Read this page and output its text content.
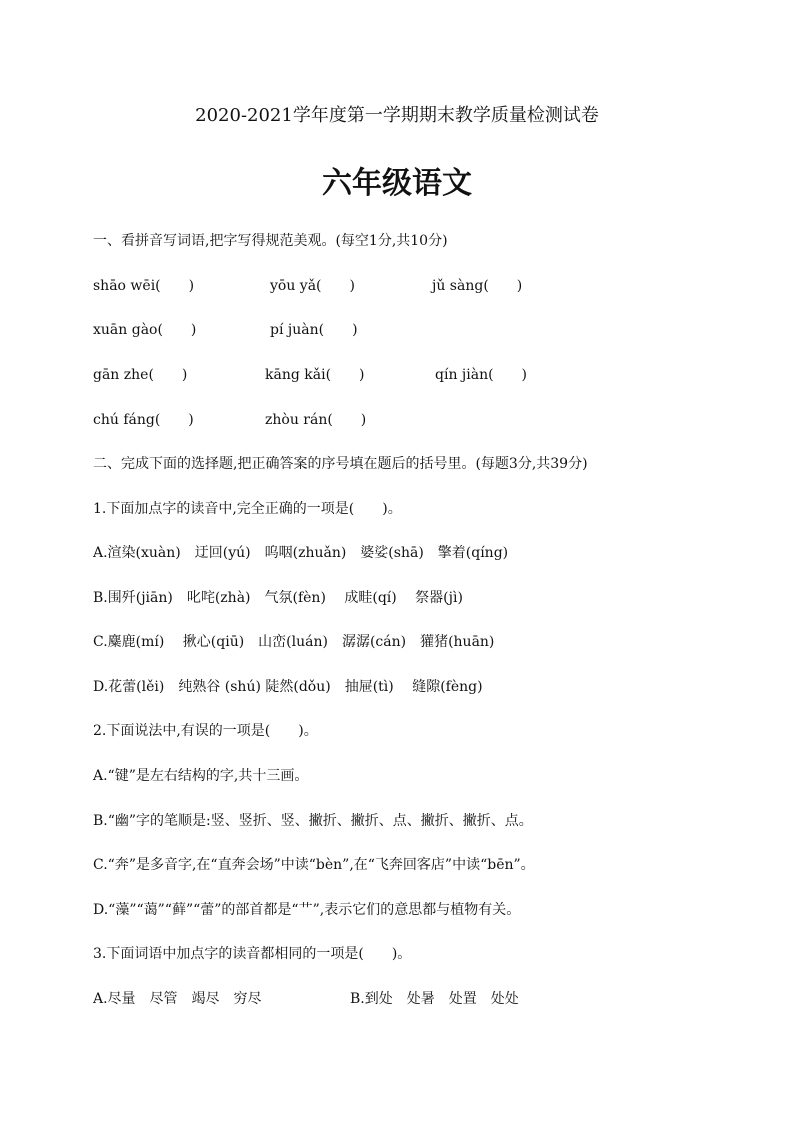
2020-2021学年度第一学期期末教学质量检测试卷
六年级语文
一、看拼音写词语,把字写得规范美观。(每空1分,共10分)
shāo wēi(　　)	yōu yǎ(　　)	jǔ sàng(　　)
xuān gào(　　)	pí juàn(　　)
gān zhe(　　)	kāng kǎi(　　)	qín jiàn(　　)
chú fáng(　　)	zhòu rán(　　)
二、完成下面的选择题,把正确答案的序号填在题后的括号里。(每题3分,共39分)
1.下面加点字的读音中,完全正确的一项是(　　)。
A.渲染(xuàn)　迂回(yú)　呜咽(zhuǎn)　婆娑(shā)　擎着(qíng)
B.围歼(jiān)　叱咤(zhà)　气氛(fèn)　 成畦(qí)　 祭器(jì)
C.麋鹿(mí)　 揪心(qiū)　山峦(luán)　潺潺(cán)　獾猪(huān)
D.花蕾(lěi)　纯熟谷 (shú) 陡然(dǒu)　抽屉(tì)　 缝隙(fèng)
2.下面说法中,有误的一项是(　　)。
A.“键”是左右结构的字,共十三画。
B.“幽”字的笔顺是:竖、竖折、竖、撇折、撇折、点、撇折、撇折、点。
C.“奔”是多音字,在“直奔会场”中读“bèn”,在“飞奔回客店”中读“bēn”。
D.“藻”“蔼”“藓”“蕾”的部首都是“艹”,表示它们的意思都与植物有关。
3.下面词语中加点字的读音都相同的一项是(　　)。
A.尽量　尽管　竭尽　穷尽	B.到处　处暑　处置　处处
